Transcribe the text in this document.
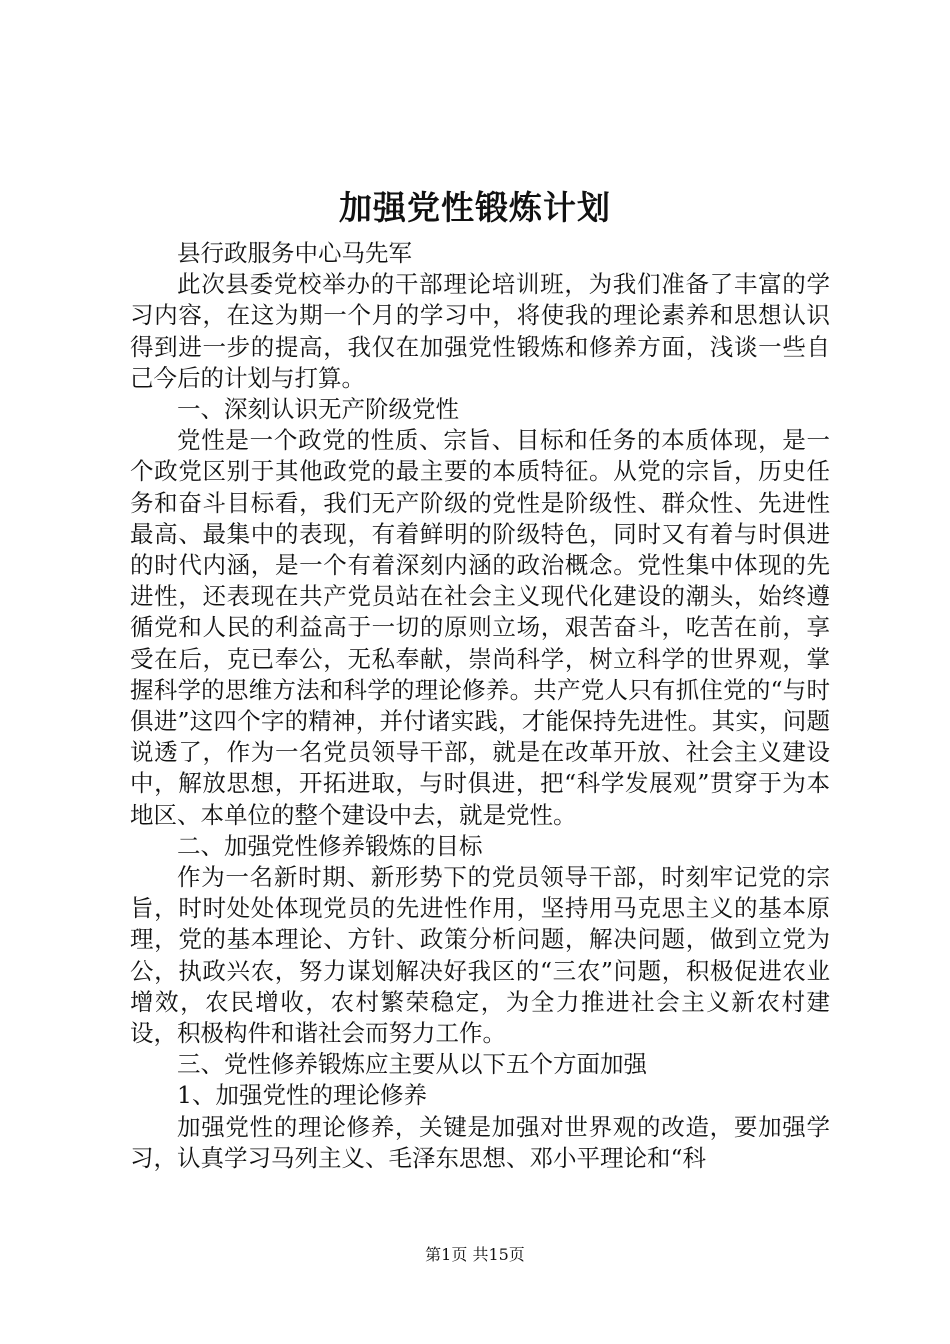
加强党性锻炼计划

县行政服务中心马先军

此次县委党校举办的干部理论培训班，为我们准备了丰富的学习内容，在这为期一个月的学习中，将使我的理论素养和思想认识得到进一步的提高，我仅在加强党性锻炼和修养方面，浅谈一些自己今后的计划与打算。

一、深刻认识无产阶级党性

党性是一个政党的性质、宗旨、目标和任务的本质体现，是一个政党区别于其他政党的最主要的本质特征。从党的宗旨，历史任务和奋斗目标看，我们无产阶级的党性是阶级性、群众性、先进性最高、最集中的表现，有着鲜明的阶级特色，同时又有着与时俱进的时代内涵，是一个有着深刻内涵的政治概念。党性集中体现的先进性，还表现在共产党员站在社会主义现代化建设的潮头，始终遵循党和人民的利益高于一切的原则立场，艰苦奋斗，吃苦在前，享受在后，克已奉公，无私奉献，崇尚科学，树立科学的世界观，掌握科学的思维方法和科学的理论修养。共产党人只有抓住党的“与时俱进”这四个字的精神，并付诸实践，才能保持先进性。其实，问题说透了，作为一名党员领导干部，就是在改革开放、社会主义建设中，解放思想，开拓进取，与时俱进，把“科学发展观”贯穿于为本地区、本单位的整个建设中去，就是党性。

二、加强党性修养锻炼的目标

作为一名新时期、新形势下的党员领导干部，时刻牢记党的宗旨，时时处处体现党员的先进性作用，坚持用马克思主义的基本原理，党的基本理论、方针、政策分析问题，解决问题，做到立党为公，执政兴农，努力谋划解决好我区的“三农”问题，积极促进农业增效，农民增收，农村繁荣稳定，为全力推进社会主义新农村建设，积极构件和谐社会而努力工作。

三、党性修养锻炼应主要从以下五个方面加强

1、加强党性的理论修养

加强党性的理论修养，关键是加强对世界观的改造，要加强学习，认真学习马列主义、毛泽东思想、邓小平理论和“科

第1页 共15页
